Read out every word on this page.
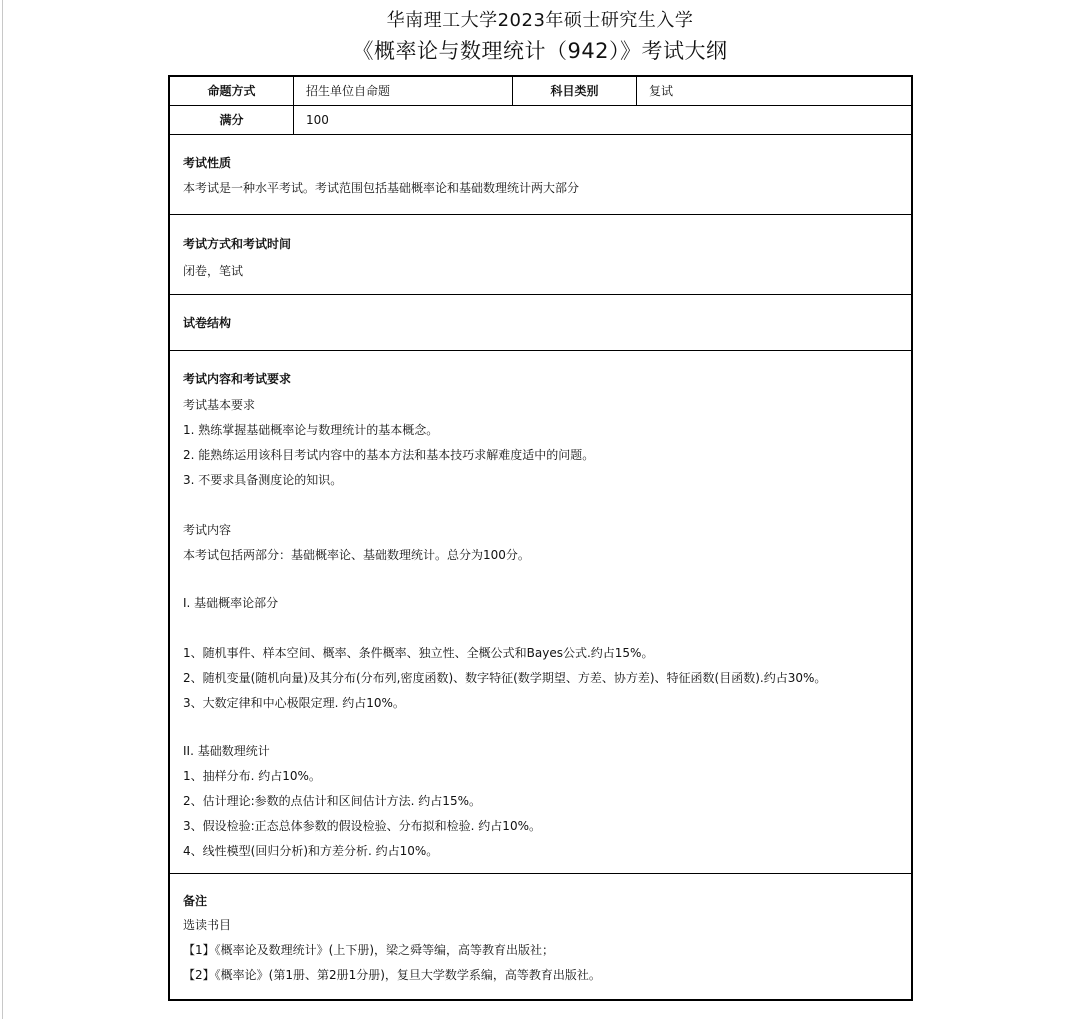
华南理工大学2023年硕士研究生入学
《概率论与数理统计（942）》考试大纲
命题方式	招生单位自命题	科目类别	复试
满分	100
考试性质
本考试是一种水平考试。考试范围包括基础概率论和基础数理统计两大部分
考试方式和考试时间
闭卷，笔试
试卷结构
考试内容和考试要求
考试基本要求
1. 熟练掌握基础概率论与数理统计的基本概念。
2. 能熟练运用该科目考试内容中的基本方法和基本技巧求解难度适中的问题。
3. 不要求具备测度论的知识。
考试内容
本考试包括两部分：基础概率论、基础数理统计。总分为100分。
I. 基础概率论部分
1、随机事件、样本空间、概率、条件概率、独立性、全概公式和Bayes公式.约占15%。
2、随机变量(随机向量)及其分布(分布列,密度函数)、数字特征(数学期望、方差、协方差)、特征函数(目函数).约占30%。
3、大数定律和中心极限定理. 约占10%。
II. 基础数理统计
1、抽样分布. 约占10%。
2、估计理论:参数的点估计和区间估计方法. 约占15%。
3、假设检验:正态总体参数的假设检验、分布拟和检验. 约占10%。
4、线性模型(回归分析)和方差分析. 约占10%。
备注
选读书目
【1】《概率论及数理统计》(上下册)，梁之舜等编，高等教育出版社；
【2】《概率论》(第1册、第2册1分册)，复旦大学数学系编，高等教育出版社。
